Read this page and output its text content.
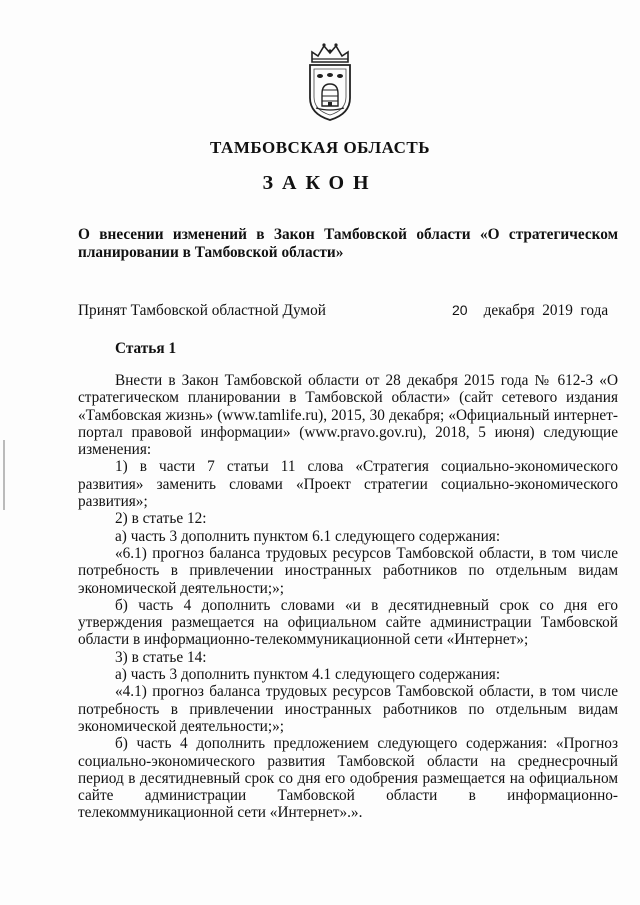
ТАМБОВСКАЯ ОБЛАСТЬ
ЗАКОН
О внесении изменений в Закон Тамбовской области «О стратегическом планировании в Тамбовской области»
Принят Тамбовской областной Думой	20 декабря  2019  года
Статья 1

Внести в Закон Тамбовской области от 28 декабря 2015 года № 612-З «О стратегическом планировании в Тамбовской области» (сайт сетевого издания «Тамбовская жизнь» (www.tamlife.ru), 2015, 30 декабря; «Официальный интернет-портал правовой информации» (www.pravo.gov.ru), 2018, 5 июня) следующие изменения:

1) в части 7 статьи 11 слова «Стратегия социально-экономического развития» заменить словами «Проект стратегии социально-экономического развития»;

2) в статье 12:

а) часть 3 дополнить пунктом 6.1 следующего содержания:

«6.1) прогноз баланса трудовых ресурсов Тамбовской области, в том числе потребность в привлечении иностранных работников по отдельным видам экономической деятельности;»;

б) часть 4 дополнить словами «и в десятидневный срок со дня его утверждения размещается на официальном сайте администрации Тамбовской области в информационно-телекоммуникационной сети «Интернет»;

3) в статье 14:

а) часть 3 дополнить пунктом 4.1 следующего содержания:

«4.1) прогноз баланса трудовых ресурсов Тамбовской области, в том числе потребность в привлечении иностранных работников по отдельным видам экономической деятельности;»;

б) часть 4 дополнить предложением следующего содержания: «Прогноз социально-экономического развития Тамбовской области на среднесрочный период в десятидневный срок со дня его одобрения размещается на официальном сайте администрации Тамбовской области в информационно-телекоммуникационной сети «Интернет».».
